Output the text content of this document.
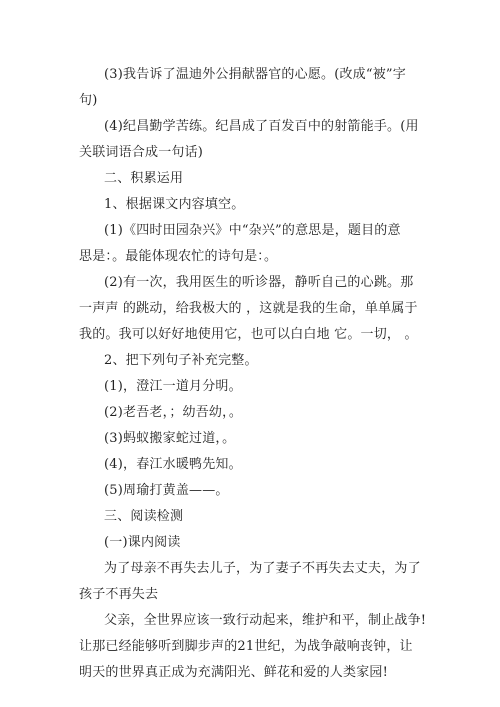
(3)我告诉了温迪外公捐献器官的心愿。(改成“被”字
句)
(4)纪昌勤学苦练。纪昌成了百发百中的射箭能手。(用
关联词语合成一句话)
二、积累运用
1、根据课文内容填空。
(1)《四时田园杂兴》中“杂兴”的意思是，题目的意
思是：。最能体现农忙的诗句是：。
(2)有一次，我用医生的听诊器，静听自己的心跳。那
一声声 的跳动，给我极大的 ，这就是我的生命，单单属于
我的。我可以好好地使用它，也可以白白地 它。一切， 。
2、把下列句子补充完整。
(1)，澄江一道月分明。
(2)老吾老，；幼吾幼，。
(3)蚂蚁搬家蛇过道，。
(4)，春江水暖鸭先知。
(5)周瑜打黄盖——。
三、阅读检测
(一)课内阅读
为了母亲不再失去儿子，为了妻子不再失去丈夫，为了
孩子不再失去
父亲，全世界应该一致行动起来，维护和平，制止战争!
让那已经能够听到脚步声的21世纪，为战争敲响丧钟，让
明天的世界真正成为充满阳光、鲜花和爱的人类家园!
